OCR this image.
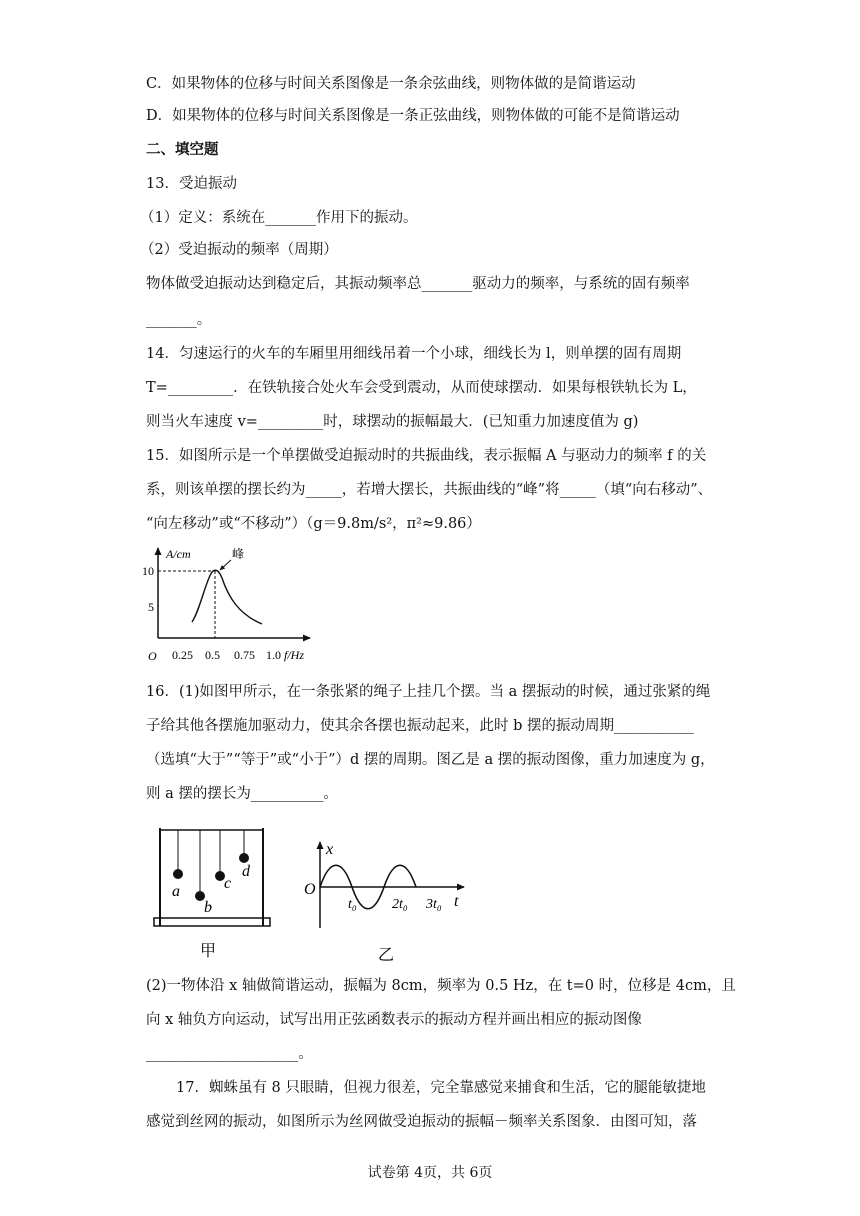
C．如果物体的位移与时间关系图像是一条余弦曲线，则物体做的是简谐运动
D．如果物体的位移与时间关系图像是一条正弦曲线，则物体做的可能不是简谐运动
二、填空题
13．受迫振动
（1）定义：系统在_______作用下的振动。
（2）受迫振动的频率（周期）
物体做受迫振动达到稳定后，其振动频率总_______驱动力的频率，与系统的固有频率
_______。
14．匀速运行的火车的车厢里用细线吊着一个小球，细线长为 l，则单摆的固有周期
T=_________．在铁轨接合处火车会受到震动，从而使球摆动．如果每根铁轨长为 L，
则当火车速度 v=_________时，球摆动的振幅最大．(已知重力加速度值为 g)
15．如图所示是一个单摆做受迫振动时的共振曲线，表示振幅 A 与驱动力的频率 f 的关
系，则该单摆的摆长约为_____，若增大摆长，共振曲线的“峰”将_____（填“向右移动”、
“向左移动”或“不移动”）（g＝9.8m/s²，π²≈9.86）
A/cm
f/Hz
O
10
5
0.25 0.5 0.75 1.0
峰
16．(1)如图甲所示，在一条张紧的绳子上挂几个摆。当 a 摆振动的时候，通过张紧的绳
子给其他各摆施加驱动力，使其余各摆也振动起来，此时 b 摆的振动周期___________
（选填“大于”“等于”或“小于”）d 摆的周期。图乙是 a 摆的振动图像，重力加速度为 g，
则 a 摆的摆长为__________。
a
b
c
d
甲
x
t
O
t₀	2t₀ 3t₀
乙
(2)一物体沿 x 轴做简谐运动，振幅为 8cm，频率为 0.5 Hz，在 t=0 时，位移是 4cm，且
向 x 轴负方向运动，试写出用正弦函数表示的振动方程并画出相应的振动图像
_____________________。
17．蜘蛛虽有 8 只眼睛，但视力很差，完全靠感觉来捕食和生活，它的腿能敏捷地
感觉到丝网的振动，如图所示为丝网做受迫振动的振幅－频率关系图象．由图可知，落
试卷第 4页，共 6页
